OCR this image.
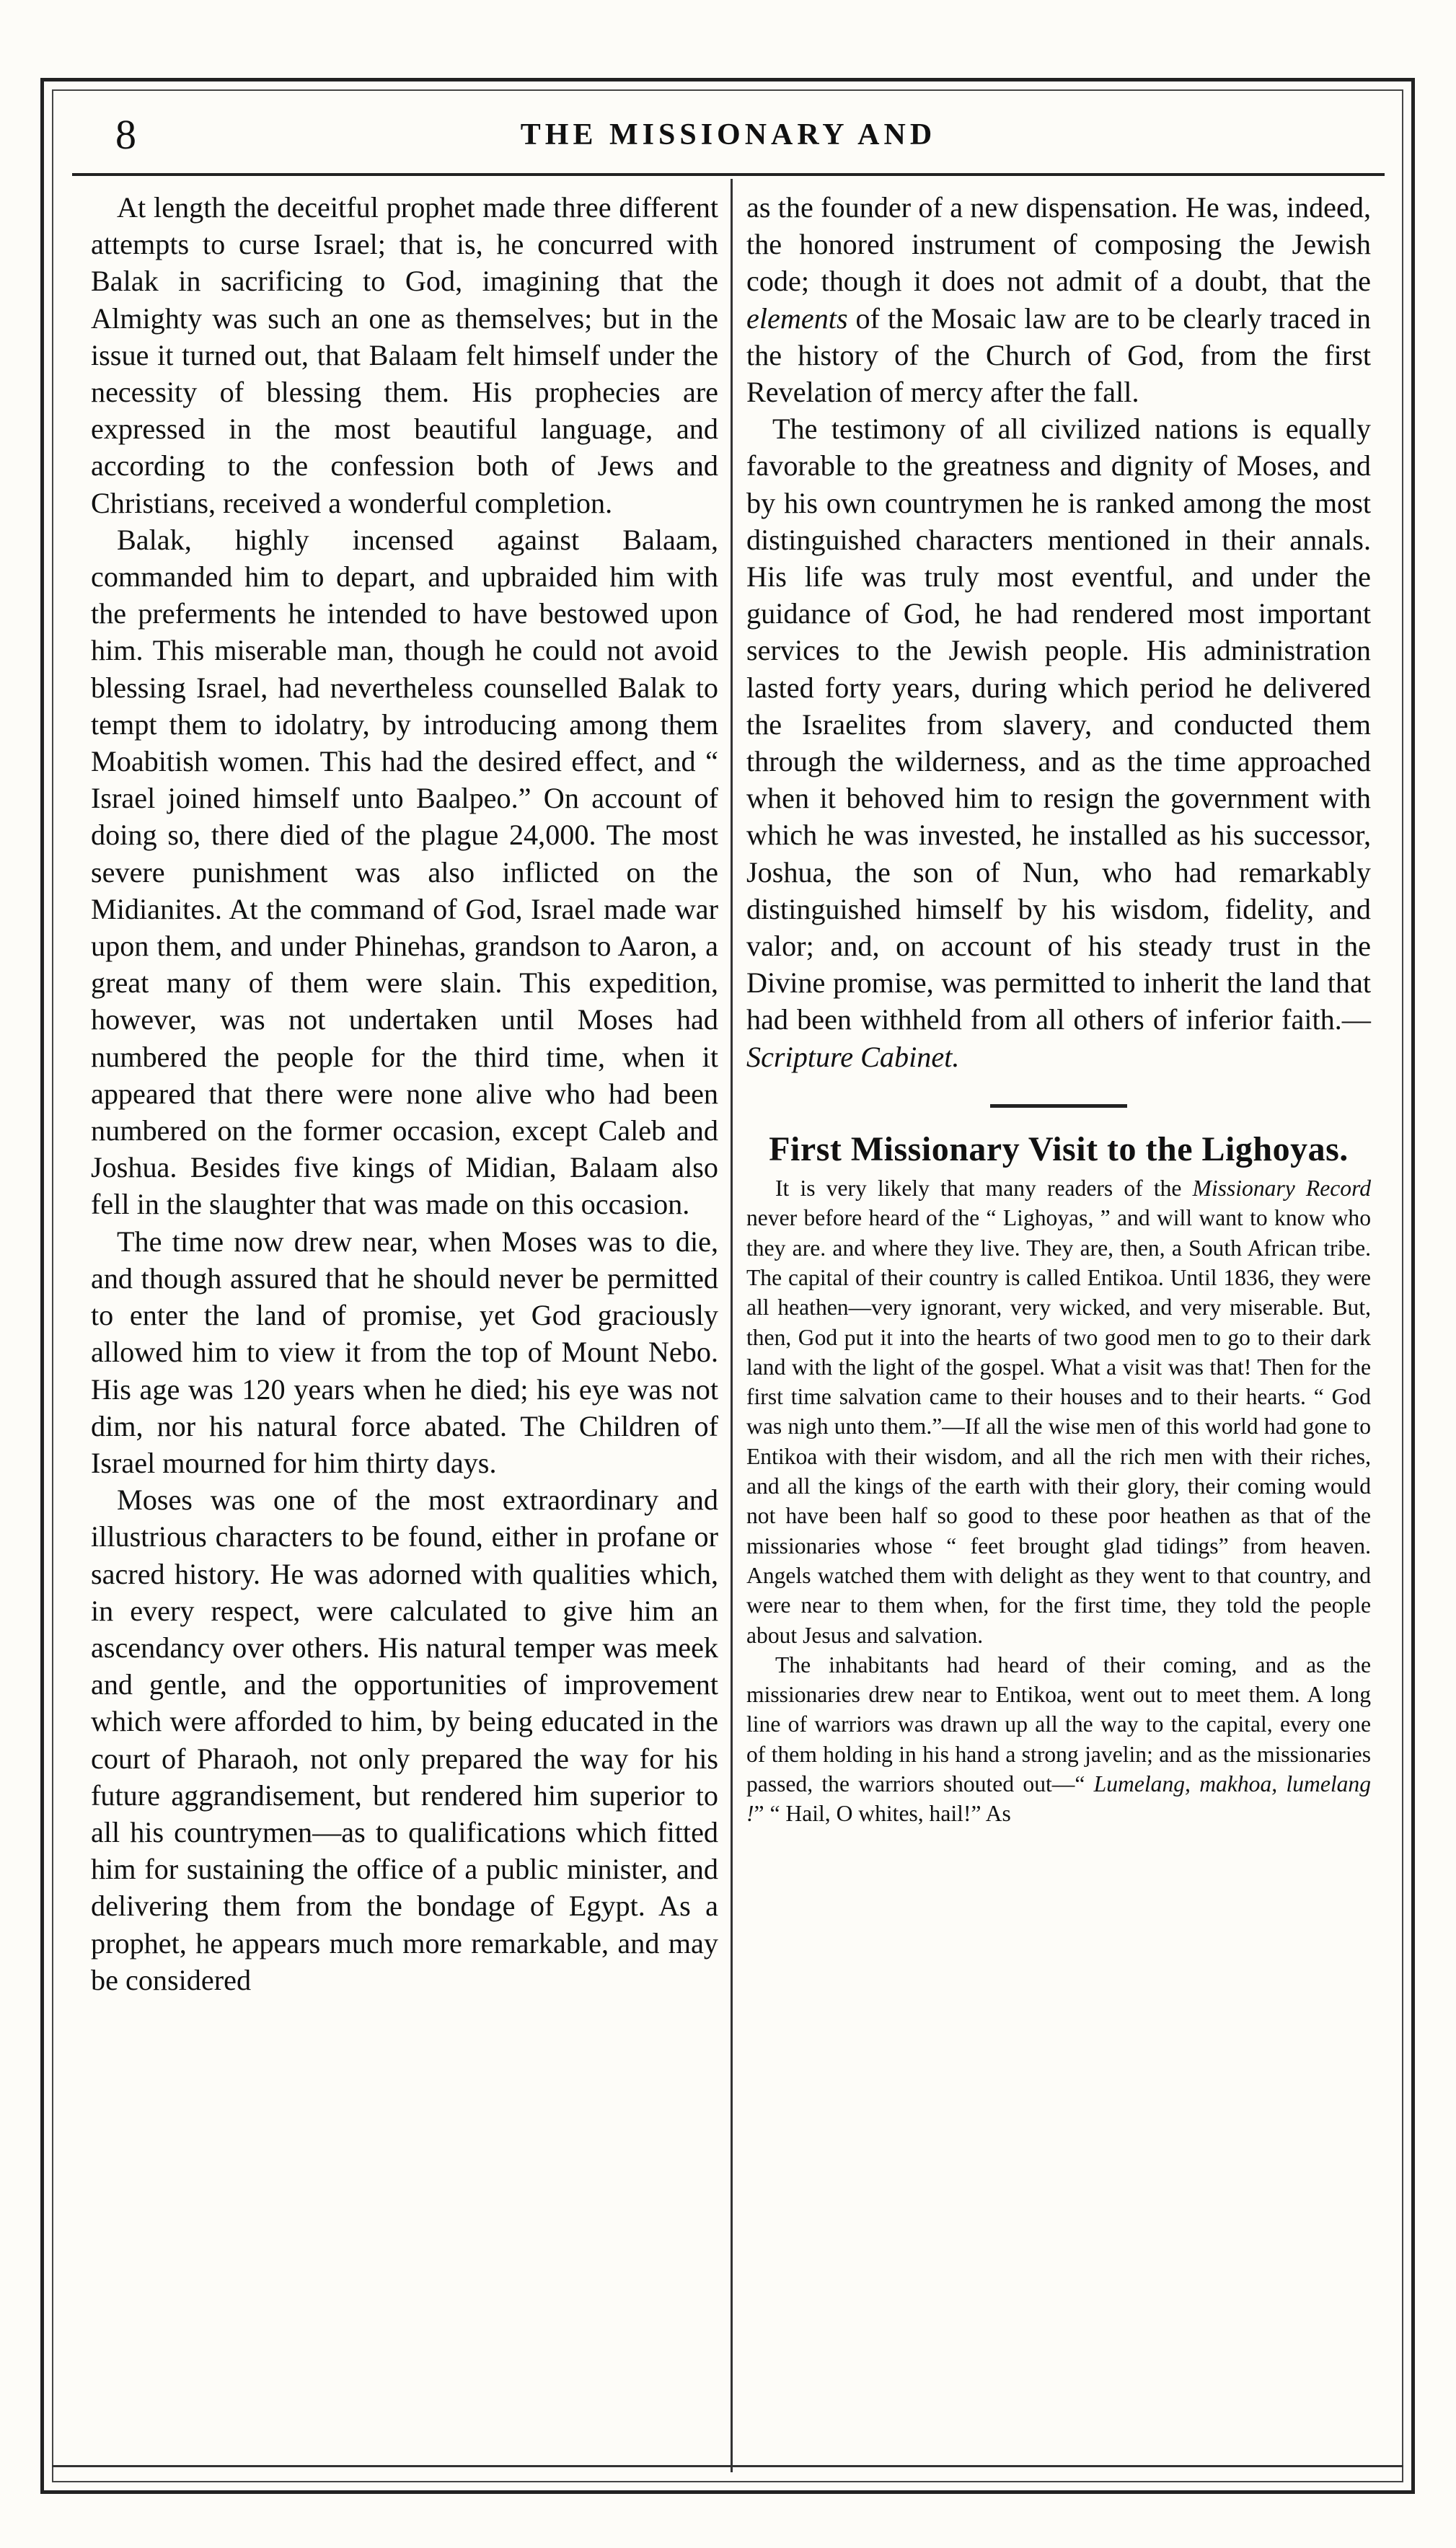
8	THE MISSIONARY AND

At length the deceitful prophet made three different attempts to curse Israel; that is, he concurred with Balak in sacrificing to God, imagining that the Almighty was such an one as themselves; but in the issue it turned out, that Balaam felt himself under the necessity of blessing them. His prophecies are expressed in the most beautiful language, and according to the confession both of Jews and Christians, received a wonderful completion.

Balak, highly incensed against Balaam, commanded him to depart, and upbraided him with the preferments he intended to have bestowed upon him. This miserable man, though he could not avoid blessing Israel, had nevertheless counselled Balak to tempt them to idolatry, by introducing among them Moabitish women. This had the desired effect, and “ Israel joined himself unto Baalpeo.” On account of doing so, there died of the plague 24,000. The most severe punishment was also inflicted on the Midianites. At the command of God, Israel made war upon them, and under Phinehas, grandson to Aaron, a great many of them were slain. This expedition, however, was not undertaken until Moses had numbered the people for the third time, when it appeared that there were none alive who had been numbered on the former occasion, except Caleb and Joshua. Besides five kings of Midian, Balaam also fell in the slaughter that was made on this occasion.

The time now drew near, when Moses was to die, and though assured that he should never be permitted to enter the land of promise, yet God graciously allowed him to view it from the top of Mount Nebo. His age was 120 years when he died; his eye was not dim, nor his natural force abated. The Children of Israel mourned for him thirty days.

Moses was one of the most extraordinary and illustrious characters to be found, either in profane or sacred history. He was adorned with qualities which, in every respect, were calculated to give him an ascendancy over others. His natural temper was meek and gentle, and the opportunities of improvement which were afforded to him, by being educated in the court of Pharaoh, not only prepared the way for his future aggrandisement, but rendered him superior to all his countrymen—as to qualifications which fitted him for sustaining the office of a public minister, and delivering them from the bondage of Egypt. As a prophet, he appears much more remarkable, and may be considered

as the founder of a new dispensation. He was, indeed, the honored instrument of composing the Jewish code; though it does not admit of a doubt, that the elements of the Mosaic law are to be clearly traced in the history of the Church of God, from the first Revelation of mercy after the fall.

The testimony of all civilized nations is equally favorable to the greatness and dignity of Moses, and by his own countrymen he is ranked among the most distinguished characters mentioned in their annals. His life was truly most eventful, and under the guidance of God, he had rendered most important services to the Jewish people. His administration lasted forty years, during which period he delivered the Israelites from slavery, and conducted them through the wilderness, and as the time approached when it behoved him to resign the government with which he was invested, he installed as his successor, Joshua, the son of Nun, who had remarkably distinguished himself by his wisdom, fidelity, and valor; and, on account of his steady trust in the Divine promise, was permitted to inherit the land that had been withheld from all others of inferior faith.—Scripture Cabinet.

First Missionary Visit to the Lighoyas.

It is very likely that many readers of the Missionary Record never before heard of the “ Lighoyas, ” and will want to know who they are. and where they live. They are, then, a South African tribe. The capital of their country is called Entikoa. Until 1836, they were all heathen—very ignorant, very wicked, and very miserable. But, then, God put it into the hearts of two good men to go to their dark land with the light of the gospel. What a visit was that! Then for the first time salvation came to their houses and to their hearts. “ God was nigh unto them.”—If all the wise men of this world had gone to Entikoa with their wisdom, and all the rich men with their riches, and all the kings of the earth with their glory, their coming would not have been half so good to these poor heathen as that of the missionaries whose “ feet brought glad tidings” from heaven. Angels watched them with delight as they went to that country, and were near to them when, for the first time, they told the people about Jesus and salvation.

The inhabitants had heard of their coming, and as the missionaries drew near to Entikoa, went out to meet them. A long line of warriors was drawn up all the way to the capital, every one of them holding in his hand a strong javelin; and as the missionaries passed, the warriors shouted out—“ Lumelang, makhoa, lumelang !” “ Hail, O whites, hail!” As
